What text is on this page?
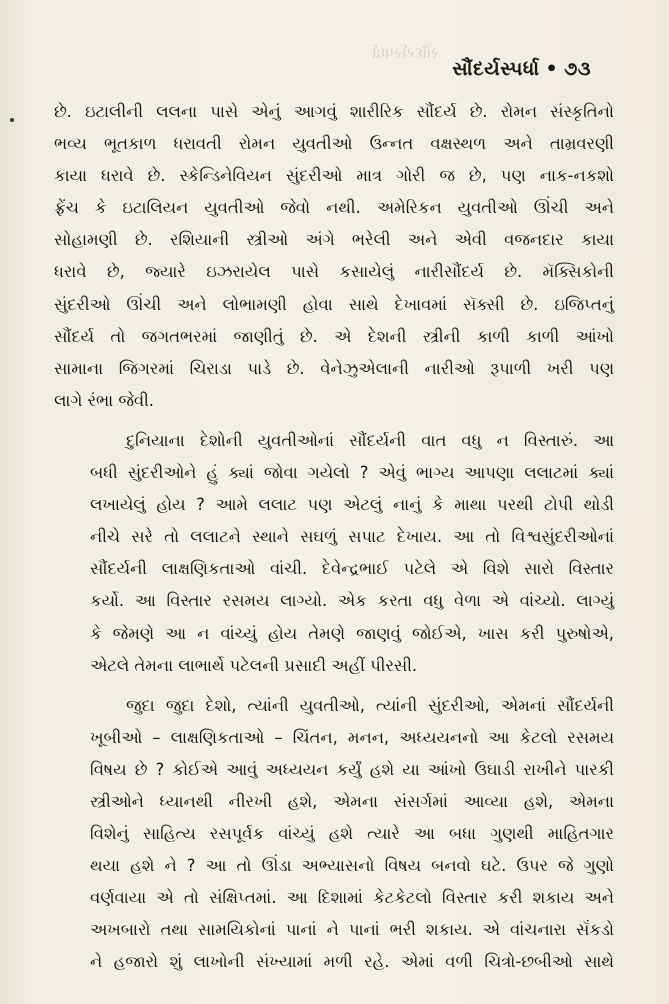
સૌંદર્યસ્પર્ધા
સૌંદર્યસ્પર્ધા • ૭૩
છે. ઇટાલીની લલના પાસે એનું આગવું શારીરિક સૌંદર્ય છે. રોમન સંસ્કૃતિનો
ભવ્ય ભૂતકાળ ધરાવતી રોમન યુવતીઓ ઉન્નત વક્ષસ્થળ અને તામ્રવરણી
કાયા ધરાવે છે. સ્કેન્ડિનેવિયન સુંદરીઓ માત્ર ગોરી જ છે, પણ નાક-નકશો
ફ્રેંચ કે ઇટાલિયન યુવતીઓ જેવો નથી. અમેરિકન યુવતીઓ ઊંચી અને
સોહામણી છે. રશિયાની સ્ત્રીઓ અંગે ભરેલી અને એવી વજનદાર કાયા
ધરાવે છે, જ્યારે ઇઝરાયેલ પાસે કસાયેલું નારીસૌંદર્ય છે. મૅક્સિકોની
સુંદરીઓ ઊંચી અને લોભામણી હોવા સાથે દેખાવમાં સૅક્સી છે. ઇજિપ્તનું
સૌંદર્ય તો જગતભરમાં જાણીતું છે. એ દેશની સ્ત્રીની કાળી કાળી આંખો
સામાના જિગરમાં ચિરાડા પાડે છે. વેનેઝુએલાની નારીઓ રૂપાળી ખરી પણ
લાગે રંભા જેવી.
દુનિયાના દેશોની યુવતીઓનાં સૌંદર્યની વાત વધુ ન વિસ્તારું. આ
બધી સુંદરીઓને હું ક્યાં જોવા ગયેલો ? એવું ભાગ્ય આપણા લલાટમાં ક્યાં
લખાયેલું હોય ? આમે લલાટ પણ એટલું નાનું કે માથા પરથી ટોપી થોડી
નીચે સરે તો લલાટને સ્થાને સઘળું સપાટ દેખાય. આ તો વિશ્વસુંદરીઓનાં
સૌંદર્યની લાક્ષણિકતાઓ વાંચી. દેવેન્દ્રભાઈ પટેલે એ વિશે સારો વિસ્તાર
કર્યો. આ વિસ્તાર રસમય લાગ્યો. એક કરતા વધુ વેળા એ વાંચ્યો. લાગ્યું
કે જેમણે આ ન વાંચ્યું હોય તેમણે જાણવું જોઈએ, ખાસ કરી પુરુષોએ,
એટલે તેમના લાભાર્થે પટેલની પ્રસાદી અહીં પીરસી.
જુદા જુદા દેશો, ત્યાંની યુવતીઓ, ત્યાંની સુંદરીઓ, એમનાં સૌંદર્યની
ખૂબીઓ – લાક્ષણિકતાઓ – ચિંતન, મનન, અધ્યયનનો આ કેટલો રસમય
વિષય છે ? કોઈએ આવું અધ્યયન કર્યું હશે યા આંખો ઉઘાડી રાખીને પારકી
સ્ત્રીઓને ધ્યાનથી નીરખી હશે, એમના સંસર્ગમાં આવ્યા હશે, એમના
વિશેનું સાહિત્ય રસપૂર્વક વાંચ્યું હશે ત્યારે આ બધા ગુણથી માહિતગાર
થયા હશે ને ? આ તો ઊંડા અભ્યાસનો વિષય બનવો ઘટે. ઉપર જે ગુણો
વર્ણવાયા એ તો સંક્ષિપ્તમાં. આ દિશામાં કેટકેટલો વિસ્તાર કરી શકાય અને
અખબારો તથા સામયિકોનાં પાનાં ને પાનાં ભરી શકાય. એ વાંચનારા સૅંકડો
ને હજારો શું લાખોની સંખ્યામાં મળી રહે. એમાં વળી ચિત્રો-છબીઓ સાથે
